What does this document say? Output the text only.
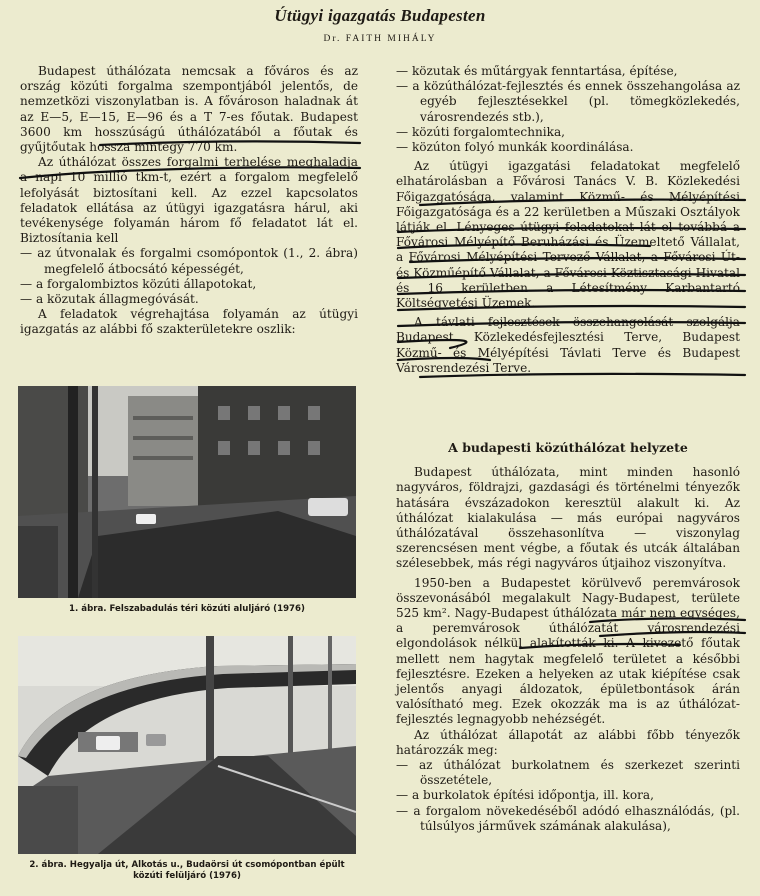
Útügyi igazgatás Budapesten
Dr. FAITH MIHÁLY

Budapest úthálózata nemcsak a főváros és az ország közúti forgalma szempontjából jelentős, de nemzetközi viszonylatban is. A fővároson haladnak át az E—5, E—15, E—96 és a T 7-es főutak. Budapest 3600 km hosszúságú úthálózatából a főutak és gyűjtőutak hossza mintegy 770 km.

Az úthálózat összes forgalmi terhelése meghaladja a napi 10 millió tkm-t, ezért a forgalom megfelelő lefolyását biztosítani kell. Az ezzel kapcsolatos feladatok ellátása az útügyi igazgatásra hárul, aki tevékenysége folyamán három fő feladatot lát el. Biztosítania kell

— az útvonalak és forgalmi csomópontok (1., 2. ábra) megfelelő átbocsátó képességét,
— a forgalombiztos közúti állapotokat,
— a közutak állagmegóvását.

A feladatok végrehajtása folyamán az útügyi igazgatás az alábbi fő szakterületekre oszlik:

1. ábra. Felszabadulás téri közúti aluljáró (1976)
2. ábra. Hegyalja út, Alkotás u., Budaörsi út csomópontban épült közúti felüljáró (1976)
— közutak és műtárgyak fenntartása, építése,
— a közúthálózat-fejlesztés és ennek összehangolása az egyéb fejlesztésekkel (pl. tömegközlekedés, városrendezés stb.),
— közúti forgalomtechnika,
— közúton folyó munkák koordinálása.

Az útügyi igazgatási feladatokat megfelelő elhatárolásban a Fővárosi Tanács V. B. Közlekedési Főigazgatósága, valamint Közmű- és Mélyépítési Főigazgatósága és a 22 kerületben a Műszaki Osztályok látják el. Lényeges útügyi feladatokat lát el továbbá a Fővárosi Mélyépítő Beruházási és Üzemeltető Vállalat, a Fővárosi Mélyépítési Tervező Vállalat, a Fővárosi Út- és Közműépítő Vállalat, a Fővárosi Köztisztasági Hivatal és 16 kerületben a Létesítmény Karbantartó Költségvetési Üzemek.

A távlati fejlesztések összehangolását szolgálja Budapest Közlekedésfejlesztési Terve, Budapest Közmű- és Mélyépítési Távlati Terve és Budapest Városrendezési Terve.

A budapesti közúthálózat helyzete

Budapest úthálózata, mint minden hasonló nagyváros, földrajzi, gazdasági és történelmi tényezők hatására évszázadokon keresztül alakult ki. Az úthálózat kialakulása — más európai nagyváros úthálózatával összehasonlítva — viszonylag szerencsésen ment végbe, a főutak és utcák általában szélesebbek, más régi nagyváros útjaihoz viszonyítva.

1950-ben a Budapestet körülvevő peremvárosok összevonásából megalakult Nagy-Budapest, területe 525 km². Nagy-Budapest úthálózata már nem egységes, a peremvárosok úthálózatát városrendezési elgondolások nélkül alakították ki. A kivezető főutak mellett nem hagytak megfelelő területet a későbbi fejlesztésre. Ezeken a helyeken az utak kiépítése csak jelentős anyagi áldozatok, épületbontások árán valósítható meg. Ezek okozzák ma is az úthálózat-fejlesztés legnagyobb nehézségét.

Az úthálózat állapotát az alábbi főbb tényezők határozzák meg:

— az úthálózat burkolatnem és szerkezet szerinti összetétele,
— a burkolatok építési időpontja, ill. kora,
— a forgalom növekedéséből adódó elhasználódás, (pl. túlsúlyos járművek számának alakulása),
